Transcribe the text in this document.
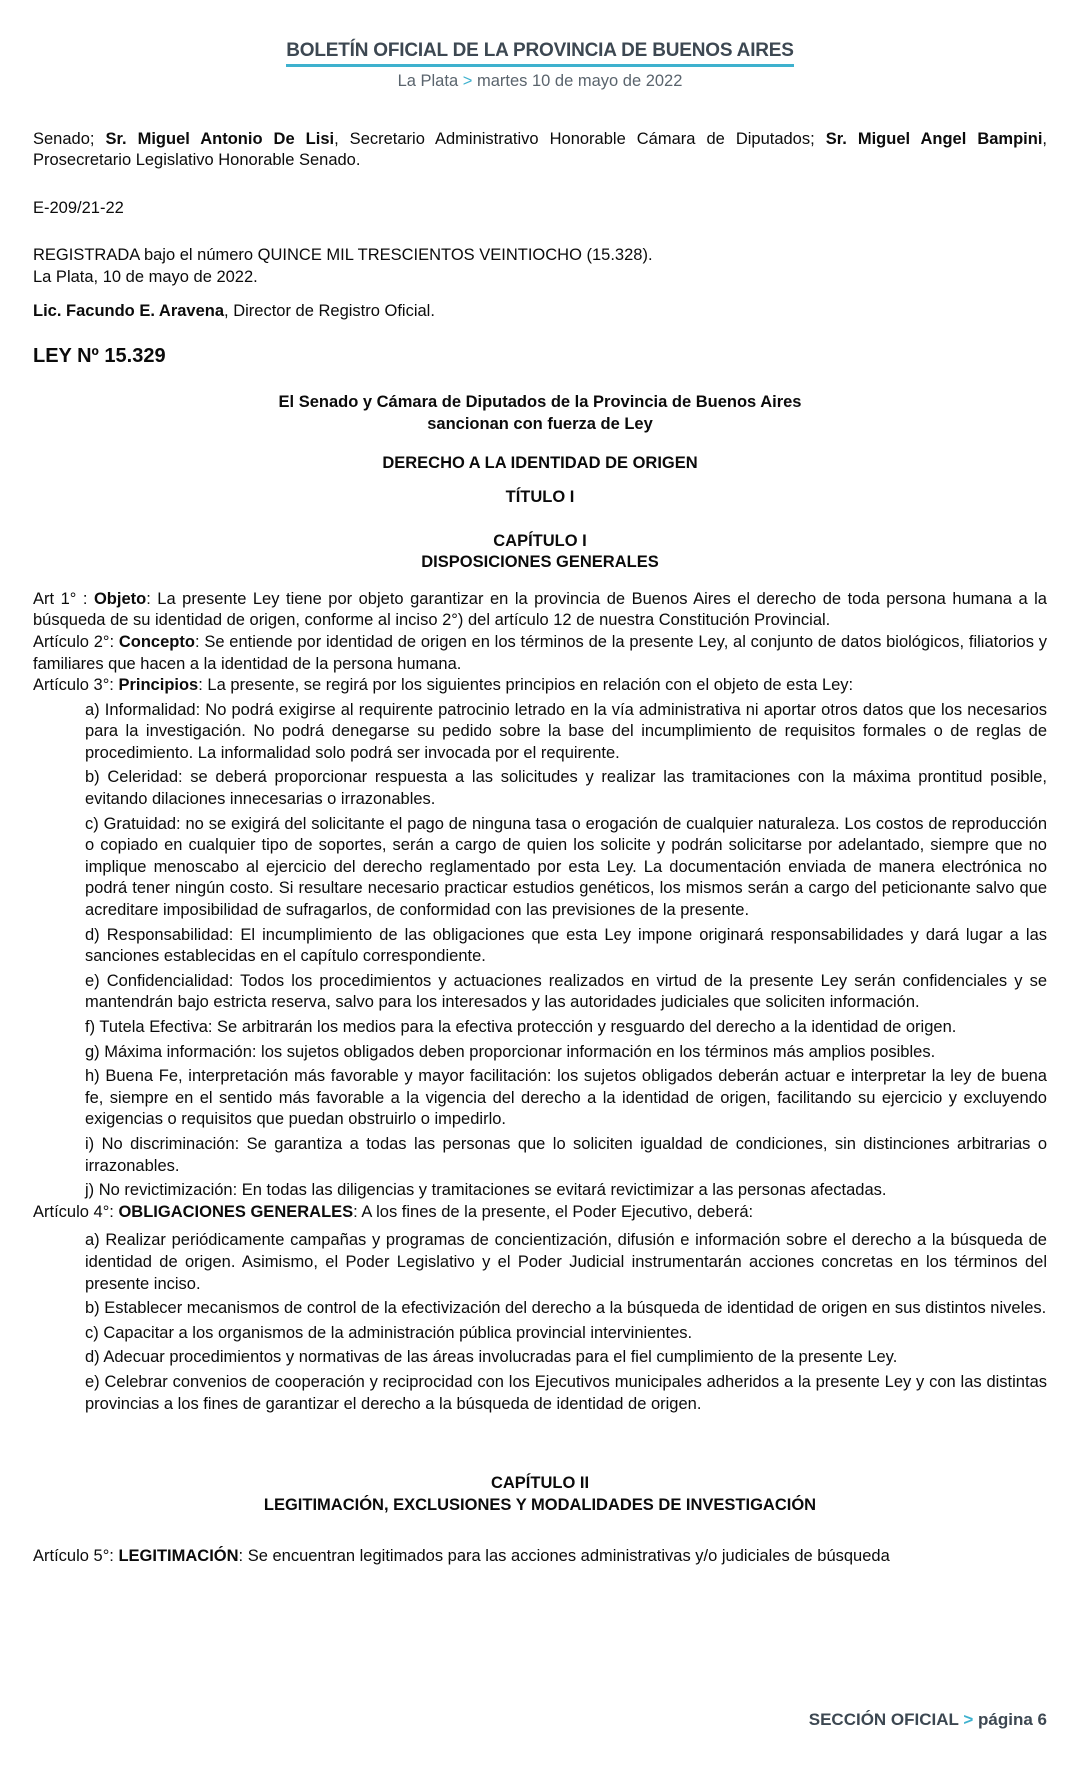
BOLETÍN OFICIAL DE LA PROVINCIA DE BUENOS AIRES
La Plata > martes 10 de mayo de 2022

Senado; Sr. Miguel Antonio De Lisi, Secretario Administrativo Honorable Cámara de Diputados; Sr. Miguel Angel Bampini, Prosecretario Legislativo Honorable Senado.

E-209/21-22

REGISTRADA bajo el número QUINCE MIL TRESCIENTOS VEINTIOCHO (15.328).

La Plata, 10 de mayo de 2022.

Lic. Facundo E. Aravena, Director de Registro Oficial.

LEY Nº 15.329

El Senado y Cámara de Diputados de la Provincia de Buenos Aires

sancionan con fuerza de Ley

DERECHO A LA IDENTIDAD DE ORIGEN

TÍTULO I

CAPÍTULO I

DISPOSICIONES GENERALES

Art 1° : Objeto: La presente Ley tiene por objeto garantizar en la provincia de Buenos Aires el derecho de toda persona humana a la búsqueda de su identidad de origen, conforme al inciso 2°) del artículo 12 de nuestra Constitución Provincial.

Artículo 2°: Concepto: Se entiende por identidad de origen en los términos de la presente Ley, al conjunto de datos biológicos, filiatorios y familiares que hacen a la identidad de la persona humana.

Artículo 3°: Principios: La presente, se regirá por los siguientes principios en relación con el objeto de esta Ley:

a) Informalidad: No podrá exigirse al requirente patrocinio letrado en la vía administrativa ni aportar otros datos que los necesarios para la investigación. No podrá denegarse su pedido sobre la base del incumplimiento de requisitos formales o de reglas de procedimiento. La informalidad solo podrá ser invocada por el requirente.

b) Celeridad: se deberá proporcionar respuesta a las solicitudes y realizar las tramitaciones con la máxima prontitud posible, evitando dilaciones innecesarias o irrazonables.

c) Gratuidad: no se exigirá del solicitante el pago de ninguna tasa o erogación de cualquier naturaleza. Los costos de reproducción o copiado en cualquier tipo de soportes, serán a cargo de quien los solicite y podrán solicitarse por adelantado, siempre que no implique menoscabo al ejercicio del derecho reglamentado por esta Ley. La documentación enviada de manera electrónica no podrá tener ningún costo. Si resultare necesario practicar estudios genéticos, los mismos serán a cargo del peticionante salvo que acreditare imposibilidad de sufragarlos, de conformidad con las previsiones de la presente.

d) Responsabilidad: El incumplimiento de las obligaciones que esta Ley impone originará responsabilidades y dará lugar a las sanciones establecidas en el capítulo correspondiente.

e) Confidencialidad: Todos los procedimientos y actuaciones realizados en virtud de la presente Ley serán confidenciales y se mantendrán bajo estricta reserva, salvo para los interesados y las autoridades judiciales que soliciten información.

f) Tutela Efectiva: Se arbitrarán los medios para la efectiva protección y resguardo del derecho a la identidad de origen.

g) Máxima información: los sujetos obligados deben proporcionar información en los términos más amplios posibles.

h) Buena Fe, interpretación más favorable y mayor facilitación: los sujetos obligados deberán actuar e interpretar la ley de buena fe, siempre en el sentido más favorable a la vigencia del derecho a la identidad de origen, facilitando su ejercicio y excluyendo exigencias o requisitos que puedan obstruirlo o impedirlo.

i) No discriminación: Se garantiza a todas las personas que lo soliciten igualdad de condiciones, sin distinciones arbitrarias o irrazonables.

j) No revictimización: En todas las diligencias y tramitaciones se evitará revictimizar a las personas afectadas.

Artículo 4°: OBLIGACIONES GENERALES: A los fines de la presente, el Poder Ejecutivo, deberá:

a) Realizar periódicamente campañas y programas de concientización, difusión e información sobre el derecho a la búsqueda de identidad de origen. Asimismo, el Poder Legislativo y el Poder Judicial instrumentarán acciones concretas en los términos del presente inciso.

b) Establecer mecanismos de control de la efectivización del derecho a la búsqueda de identidad de origen en sus distintos niveles.

c) Capacitar a los organismos de la administración pública provincial intervinientes.

d) Adecuar procedimientos y normativas de las áreas involucradas para el fiel cumplimiento de la presente Ley.

e) Celebrar convenios de cooperación y reciprocidad con los Ejecutivos municipales adheridos a la presente Ley y con las distintas provincias a los fines de garantizar el derecho a la búsqueda de identidad de origen.

CAPÍTULO II

LEGITIMACIÓN, EXCLUSIONES Y MODALIDADES DE INVESTIGACIÓN

Artículo 5°: LEGITIMACIÓN: Se encuentran legitimados para las acciones administrativas y/o judiciales de búsqueda

SECCIÓN OFICIAL > página 6
